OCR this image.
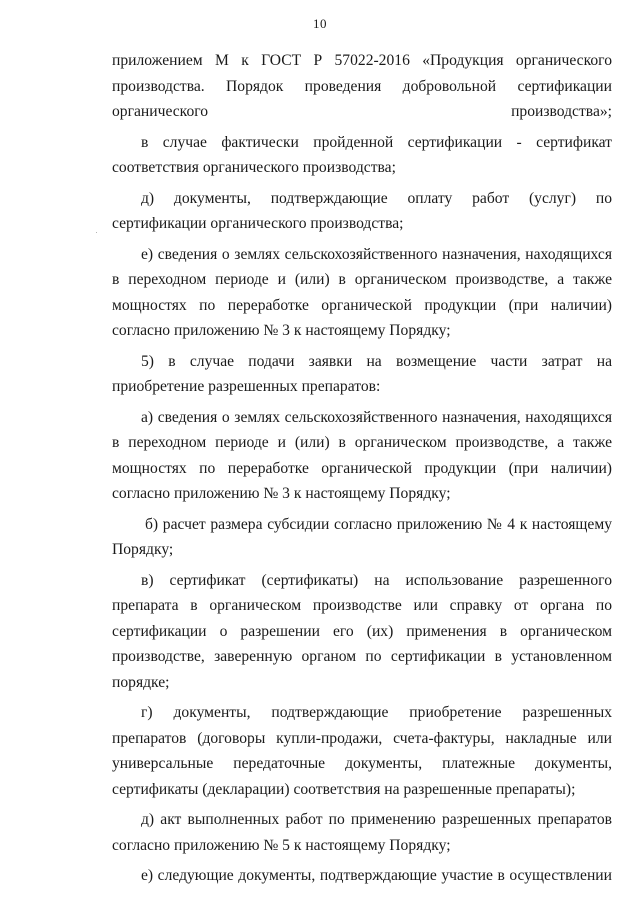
10

приложением М к ГОСТ Р 57022-2016 «Продукция органического производства. Порядок проведения добровольной сертификации органического производства»;

в случае фактически пройденной сертификации - сертификат соответствия органического производства;

д) документы, подтверждающие оплату работ (услуг) по сертификации органического производства;

е) сведения о землях сельскохозяйственного назначения, находящихся в переходном периоде и (или) в органическом производстве, а также мощностях по переработке органической продукции (при наличии) согласно приложению № 3 к настоящему Порядку;

5) в случае подачи заявки на возмещение части затрат на приобретение разрешенных препаратов:

а) сведения о землях сельскохозяйственного назначения, находящихся в переходном периоде и (или) в органическом производстве, а также мощностях по переработке органической продукции (при наличии) согласно приложению № 3 к настоящему Порядку;

б) расчет размера субсидии согласно приложению № 4 к настоящему Порядку;

в) сертификат (сертификаты) на использование разрешенного препарата в органическом производстве или справку от органа по сертификации о разрешении его (их) применения в органическом производстве, заверенную органом по сертификации в установленном порядке;

г) документы, подтверждающие приобретение разрешенных препаратов (договоры купли-продажи, счета-фактуры, накладные или универсальные передаточные документы, платежные документы, сертификаты (декларации) соответствия на разрешенные препараты);

д) акт выполненных работ по применению разрешенных препаратов согласно приложению № 5 к настоящему Порядку;

е) следующие документы, подтверждающие участие в осуществлении
